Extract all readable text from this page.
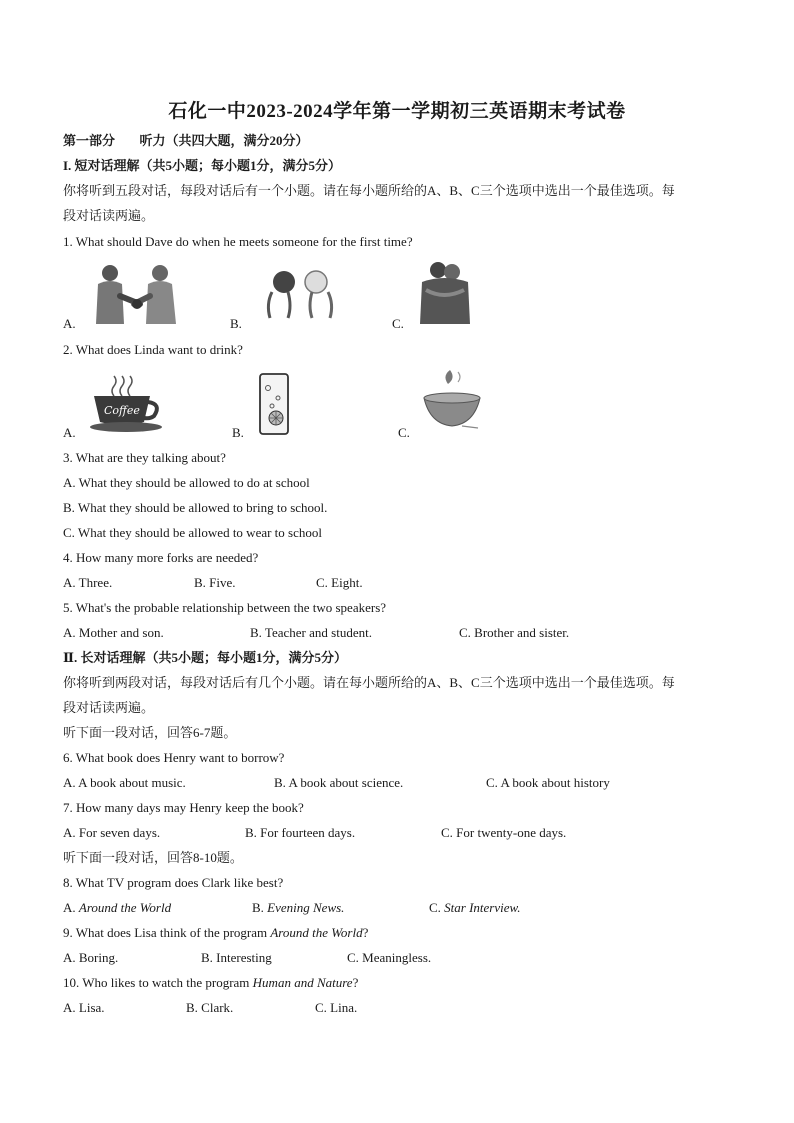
石化一中2023-2024学年第一学期初三英语期末考试卷
第一部分 听力（共四大题，满分20分）
I. 短对话理解（共5小题；每小题1分，满分5分）
你将听到五段对话，每段对话后有一个小题。请在每小题所给的A、B、C三个选项中选出一个最佳选项。每
段对话读两遍。
1. What should Dave do when he meets someone for the first time?
A.	B.	C.
2. What does Linda want to drink?
A.
Coffee
B.	C.
3. What are they talking about?
A. What they should be allowed to do at school
B. What they should be allowed to bring to school.
C. What they should be allowed to wear to school
4. How many more forks are needed?
A. Three.	B. Five.	C. Eight.
5. What's the probable relationship between the two speakers?
A. Mother and son.	B. Teacher and student.	C. Brother and sister.
Ⅱ. 长对话理解（共5小题；每小题1分，满分5分）
你将听到两段对话，每段对话后有几个小题。请在每小题所给的A、B、C三个选项中选出一个最佳选项。每
段对话读两遍。
听下面一段对话，回答6-7题。
6. What book does Henry want to borrow?
A. A book about music.	B. A book about science.	C. A book about history
7. How many days may Henry keep the book?
A. For seven days.	B. For fourteen days.	C. For twenty-one days.
听下面一段对话，回答8-10题。
8. What TV program does Clark like best?
A. Around the World	B. Evening News.	C. Star Interview.
9. What does Lisa think of the program Around the World?
A. Boring.	B. Interesting	C. Meaningless.
10. Who likes to watch the program Human and Nature?
A. Lisa.	B. Clark.	C. Lina.
